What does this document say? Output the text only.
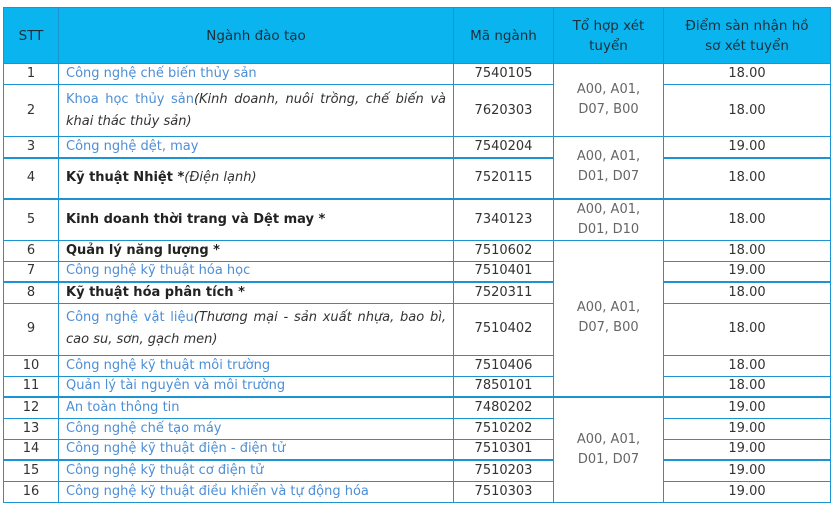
STT	Ngành đào tạo	Mã ngành	Tổ hợp xét tuyển	Điểm sàn nhận hồ sơ xét tuyển

1	Công nghệ chế biến thủy sản	7540105	A00, A01, D07, B00	18.00
2	Khoa học thủy sản(Kinh doanh, nuôi trồng, chế biến và khai thác thủy sản)	7620303		18.00
3	Công nghệ dệt, may	7540204	A00, A01, D01, D07	19.00
4	Kỹ thuật Nhiệt *(Điện lạnh)	7520115		18.00
5	Kinh doanh thời trang và Dệt may *	7340123	A00, A01, D01, D10	18.00
6	Quản lý năng lượng *	7510602	A00, A01, D07, B00	18.00
7	Công nghệ kỹ thuật hóa học	7510401		19.00
8	Kỹ thuật hóa phân tích *	7520311		18.00
9	Công nghệ vật liệu(Thương mại - sản xuất nhựa, bao bì, cao su, sơn, gạch men)	7510402		18.00
10	Công nghệ kỹ thuật môi trường	7510406		18.00
11	Quản lý tài nguyên và môi trường	7850101		18.00
12	An toàn thông tin	7480202	A00, A01, D01, D07	19.00
13	Công nghệ chế tạo máy	7510202		19.00
14	Công nghệ kỹ thuật điện - điện tử	7510301		19.00
15	Công nghệ kỹ thuật cơ điện tử	7510203		19.00
16	Công nghệ kỹ thuật điều khiển và tự động hóa	7510303		19.00
